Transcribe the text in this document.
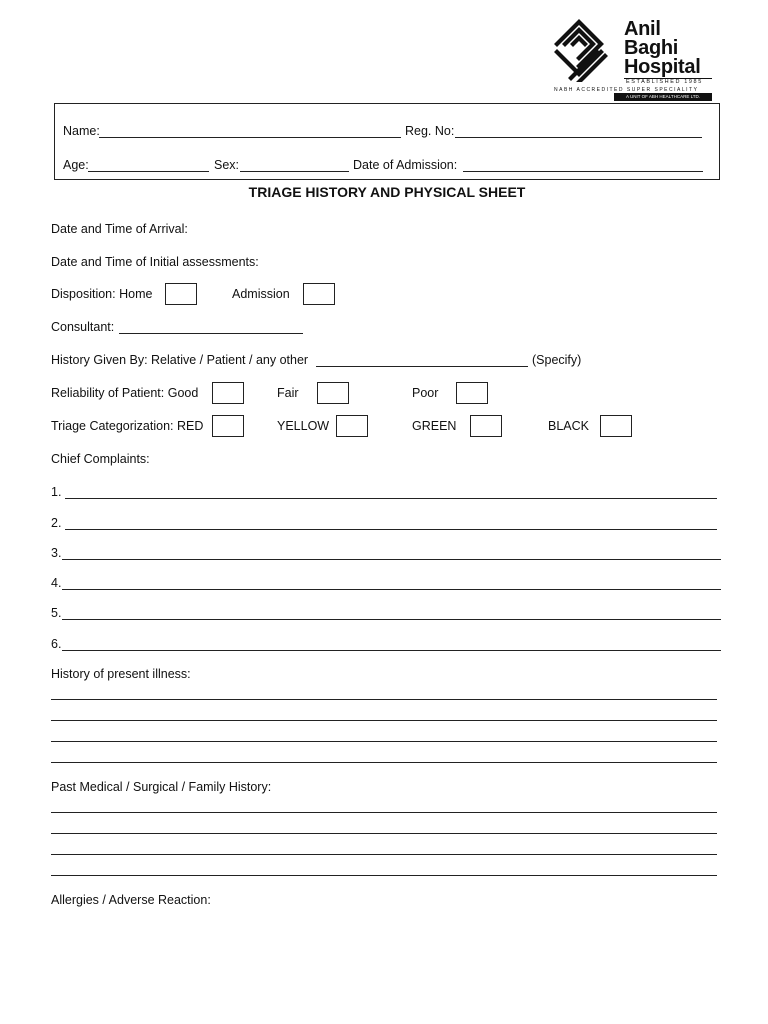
Anil
Baghi
Hospital
ESTABLISHED 1985
NABH ACCREDITED SUPER SPECIALITY
A UNIT OF ABH HEALTHCARE LTD.
Name:	Reg. No:
Age:	Sex:	Date of Admission:
TRIAGE HISTORY AND PHYSICAL SHEET
Date and Time of Arrival:
Date and Time of Initial assessments:
Disposition: Home	Admission
Consultant:
History Given By: Relative / Patient / any other	(Specify)
Reliability of Patient: Good	Fair	Poor
Triage Categorization: RED	YELLOW	GREEN	BLACK
Chief Complaints:
1.
2.
3.
4.
5.
6.
History of present illness:
Past Medical / Surgical / Family History:
Allergies / Adverse Reaction:
